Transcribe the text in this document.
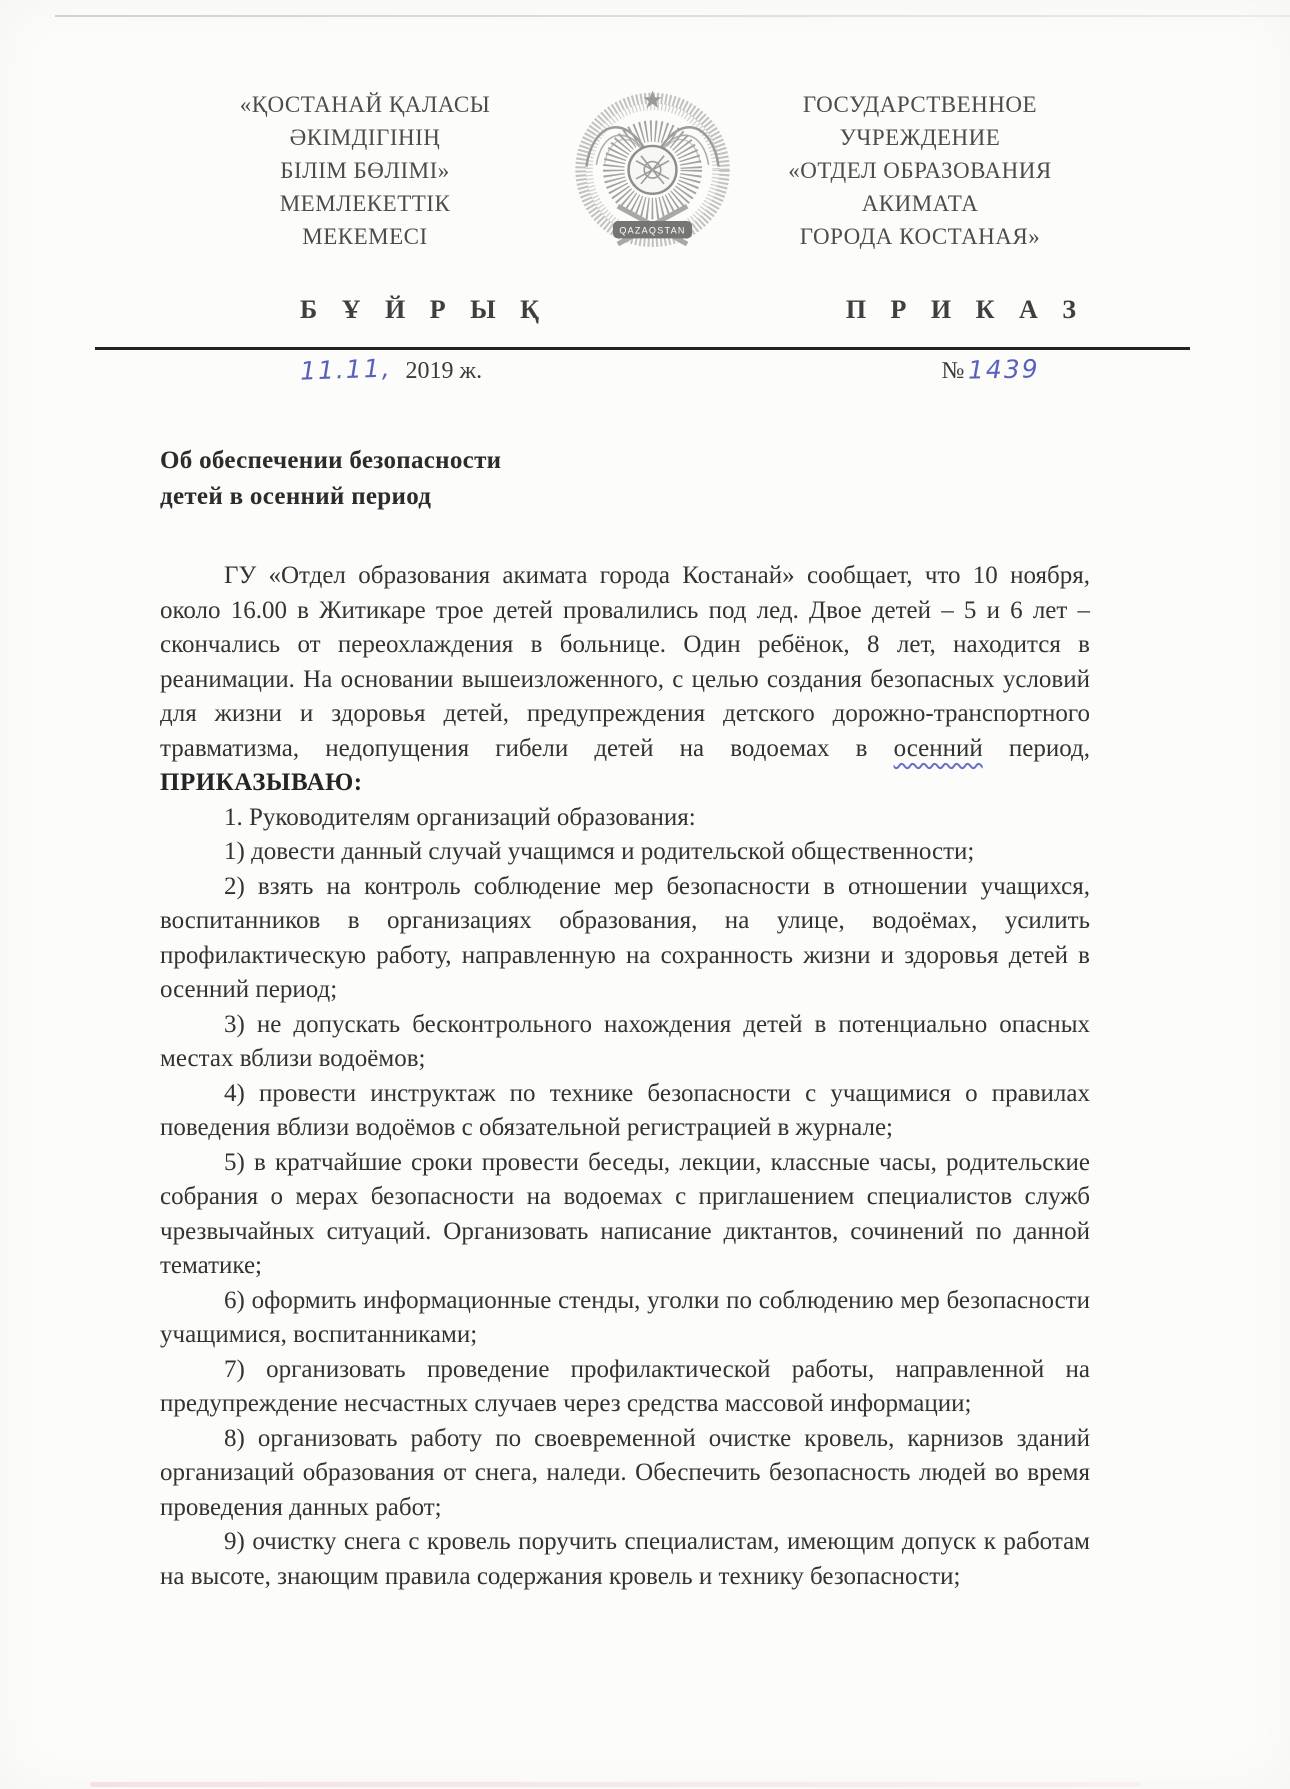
«ҚОСТАНАЙ ҚАЛАСЫ
ӘКІМДІГІНІҢ
БІЛІМ БӨЛІМІ»
МЕМЛЕКЕТТІК
МЕКЕМЕСІ	QAZAQSTAN
ГОСУДАРСТВЕННОЕ
УЧРЕЖДЕНИЕ
«ОТДЕЛ ОБРАЗОВАНИЯ
АКИМАТА
ГОРОДА КОСТАНАЯ»
Б Ұ Й Р Ы Қ	П Р И К А З
11.11, 2019 ж.	№ 1439
Об обеспечении безопасности
детей в осенний период

ГУ «Отдел образования акимата города Костанай» сообщает, что 10 ноября, около 16.00 в Житикаре трое детей провалились под лед. Двое детей – 5 и 6 лет – скончались от переохлаждения в больнице. Один ребёнок, 8 лет, находится в реанимации. На основании вышеизложенного, с целью создания безопасных условий для жизни и здоровья детей, предупреждения детского дорожно-транспортного травматизма, недопущения гибели детей на водоемах в осенний период, ПРИКАЗЫВАЮ:

1. Руководителям организаций образования:

1) довести данный случай учащимся и родительской общественности;

2) взять на контроль соблюдение мер безопасности в отношении учащихся, воспитанников в организациях образования, на улице, водоёмах, усилить профилактическую работу, направленную на сохранность жизни и здоровья детей в осенний период;

3) не допускать бесконтрольного нахождения детей в потенциально опасных местах вблизи водоёмов;

4) провести инструктаж по технике безопасности с учащимися о правилах поведения вблизи водоёмов с обязательной регистрацией в журнале;

5) в кратчайшие сроки провести беседы, лекции, классные часы, родительские собрания о мерах безопасности на водоемах с приглашением специалистов служб чрезвычайных ситуаций. Организовать написание диктантов, сочинений по данной тематике;

6) оформить информационные стенды, уголки по соблюдению мер безопасности учащимися, воспитанниками;

7) организовать проведение профилактической работы, направленной на предупреждение несчастных случаев через средства массовой информации;

8) организовать работу по своевременной очистке кровель, карнизов зданий организаций образования от снега, наледи. Обеспечить безопасность людей во время проведения данных работ;

9) очистку снега с кровель поручить специалистам, имеющим допуск к работам на высоте, знающим правила содержания кровель и технику безопасности;
